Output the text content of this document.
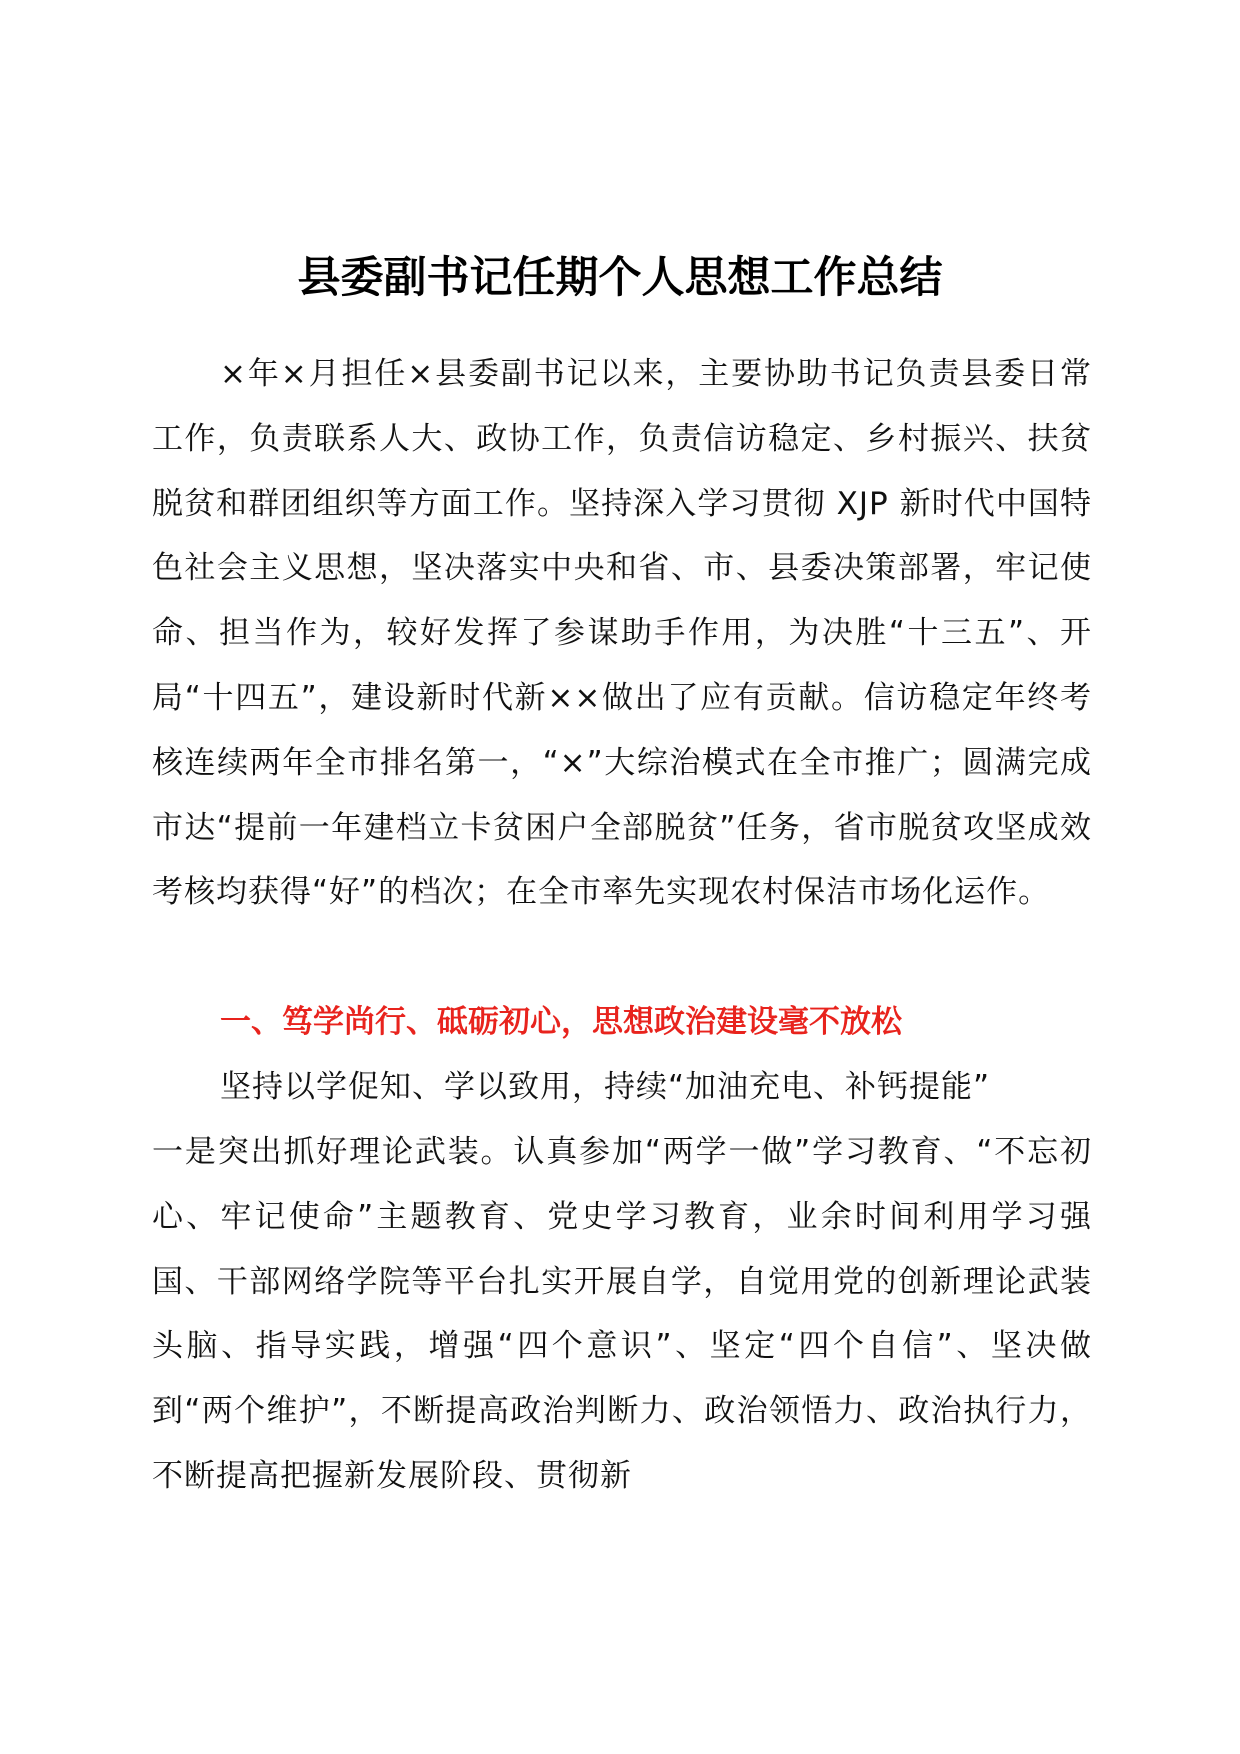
县委副书记任期个人思想工作总结

×年×月担任×县委副书记以来，主要协助书记负责县委日常工作，负责联系人大、政协工作，负责信访稳定、乡村振兴、扶贫脱贫和群团组织等方面工作。坚持深入学习贯彻 XJP 新时代中国特色社会主义思想，坚决落实中央和省、市、县委决策部署，牢记使命、担当作为，较好发挥了参谋助手作用，为决胜“十三五”、开局“十四五”，建设新时代新××做出了应有贡献。信访稳定年终考核连续两年全市排名第一，“×”大综治模式在全市推广；圆满完成市达“提前一年建档立卡贫困户全部脱贫”任务，省市脱贫攻坚成效考核均获得“好”的档次；在全市率先实现农村保洁市场化运作。

一、笃学尚行、砥砺初心，思想政治建设毫不放松

坚持以学促知、学以致用，持续“加油充电、补钙提能”

一是突出抓好理论武装。认真参加“两学一做”学习教育、“不忘初心、牢记使命”主题教育、党史学习教育，业余时间利用学习强国、干部网络学院等平台扎实开展自学，自觉用党的创新理论武装头脑、指导实践，增强“四个意识”、坚定“四个自信”、坚决做到“两个维护”，不断提高政治判断力、政治领悟力、政治执行力，不断提高把握新发展阶段、贯彻新
